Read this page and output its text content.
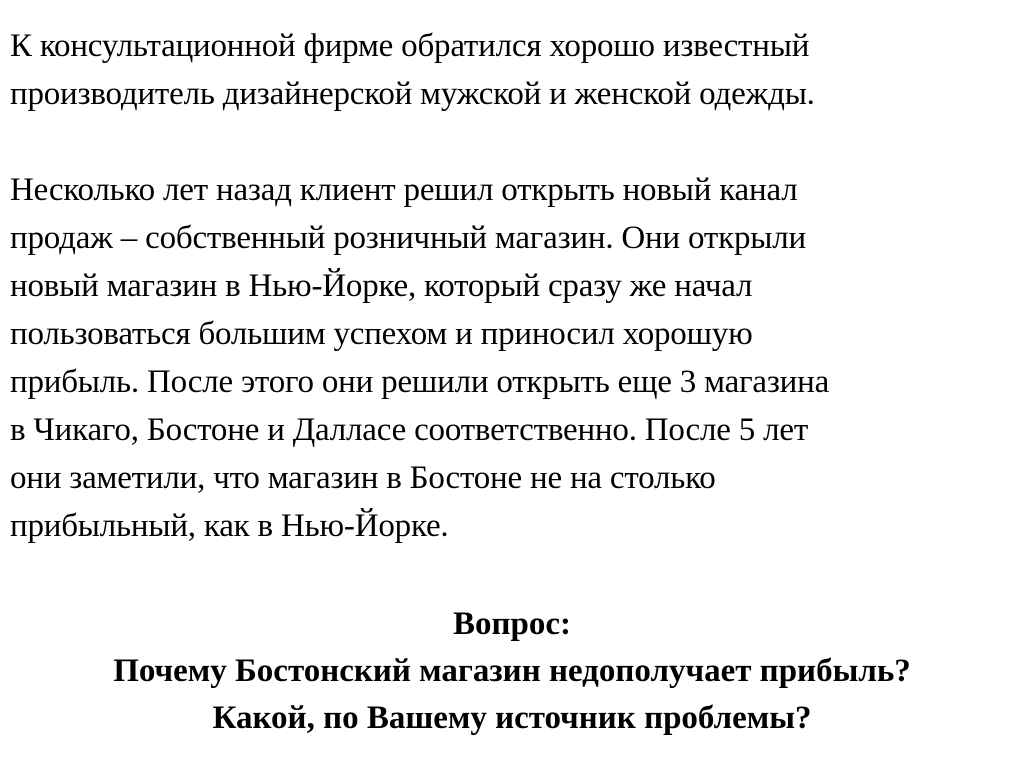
К консультационной фирме обратился хорошо известный
производитель дизайнерской мужской и женской одежды.
Несколько лет назад клиент решил открыть новый канал
продаж – собственный розничный магазин. Они открыли
новый магазин в Нью-Йорке, который сразу же начал
пользоваться большим успехом и приносил хорошую
прибыль. После этого они решили открыть еще 3 магазина
в Чикаго, Бостоне и Далласе соответственно. После 5 лет
они заметили, что магазин в Бостоне не на столько
прибыльный, как в Нью-Йорке.
Вопрос:
Почему Бостонский магазин недополучает прибыль?
Какой, по Вашему источник проблемы?
